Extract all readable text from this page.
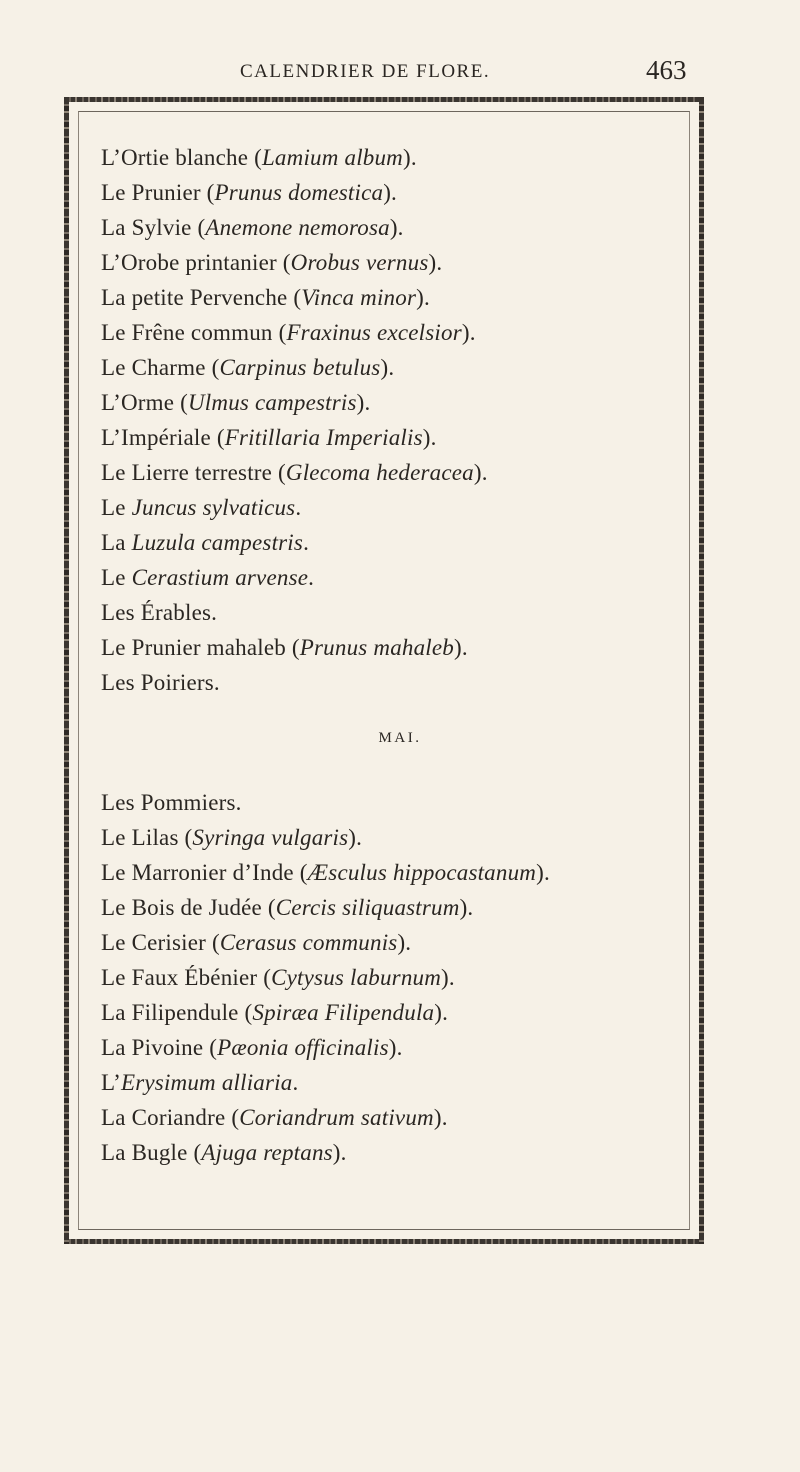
CALENDRIER DE FLORE.	463
L’Ortie blanche (Lamium album).
Le Prunier (Prunus domestica).
La Sylvie (Anemone nemorosa).
L’Orobe printanier (Orobus vernus).
La petite Pervenche (Vinca minor).
Le Frêne commun (Fraxinus excelsior).
Le Charme (Carpinus betulus).
L’Orme (Ulmus campestris).
L’Impériale (Fritillaria Imperialis).
Le Lierre terrestre (Glecoma hederacea).
Le Juncus sylvaticus.
La Luzula campestris.
Le Cerastium arvense.
Les Érables.
Le Prunier mahaleb (Prunus mahaleb).
Les Poiriers.
MAI.
Les Pommiers.
Le Lilas (Syringa vulgaris).
Le Marronier d’Inde (Æsculus hippocastanum).
Le Bois de Judée (Cercis siliquastrum).
Le Cerisier (Cerasus communis).
Le Faux Ébénier (Cytysus laburnum).
La Filipendule (Spiræa Filipendula).
La Pivoine (Pæonia officinalis).
L’Erysimum alliaria.
La Coriandre (Coriandrum sativum).
La Bugle (Ajuga reptans).
